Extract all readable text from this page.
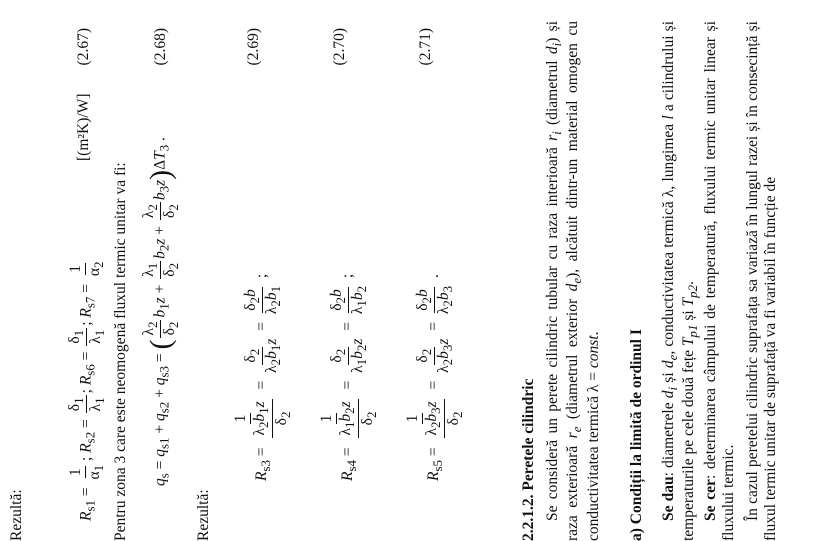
Rezultă:	$R_{s1}$ =
1 $\alpha_1$
; $R_{s2}$ =
$\delta_1$
$\lambda_1$
; $R_{s6}$ =
$\delta_1$
$\lambda_1$
; $R_{s7}$ =
1 $\alpha_2$
[(m²K)/W]
(2.67)
Pentru zona 3 care este neomogenă fluxul termic unitar va fi:	$q_s = q_{s1} + q_{s2} + q_{s3}$ = (
$\lambda_2$
$\delta_2$
$b_1z$ +
$\lambda_1$
$\delta_2$
$b_2z$ +
$\lambda_2$
$\delta_2$
$b_3z)\Delta T_3$ .
(2.68)
Rezultă:
$R_{s3}$ =
1
$\lambda_2b_1z$
$\delta_2$
=
$\delta_2$
$\lambda_2b_1z$
=
$\delta_2b$
$\lambda_2b_1$
;
(2.69)
$R_{s4}$ =
1
$\lambda_1b_2z$
$\delta_2$
=
$\delta_2$
$\lambda_1b_2z$
=
$\delta_2b$
$\lambda_1b_2$
;
(2.70)
$R_{s5}$ =
1
$\lambda_2b_3z$
$\delta_2$
=
$\delta_2$
$\lambda_2b_3z$
=
$\delta_2b$
$\lambda_2b_3$
.
(2.71)
2.2.1.2. Peretele cilindric Se consideră un perete cilindric tubular cu raza interioară $r_i$ (diametrul $d_i$) și raza exterioară $r_e$ (diametrul exterior $d_e$), alcătuit dintr-un material omogen cu conductivitatea termică λ = const. a) Condiții la limită de ordinul I Se dau: diametrele $d_i$ și $d_e$, conductivitatea termică λ, lungimea l a cilindrului și temperaturile pe cele două fețe $T_{p1}$ și $T_{p2}$.
Se cer: determinarea câmpului de temperatură, fluxului termic unitar linear și fluxului termic. În cazul peretelui cilindric suprafața sa variază în lungul razei și în consecință și fluxul termic unitar de suprafață va fi variabil în funcție de
